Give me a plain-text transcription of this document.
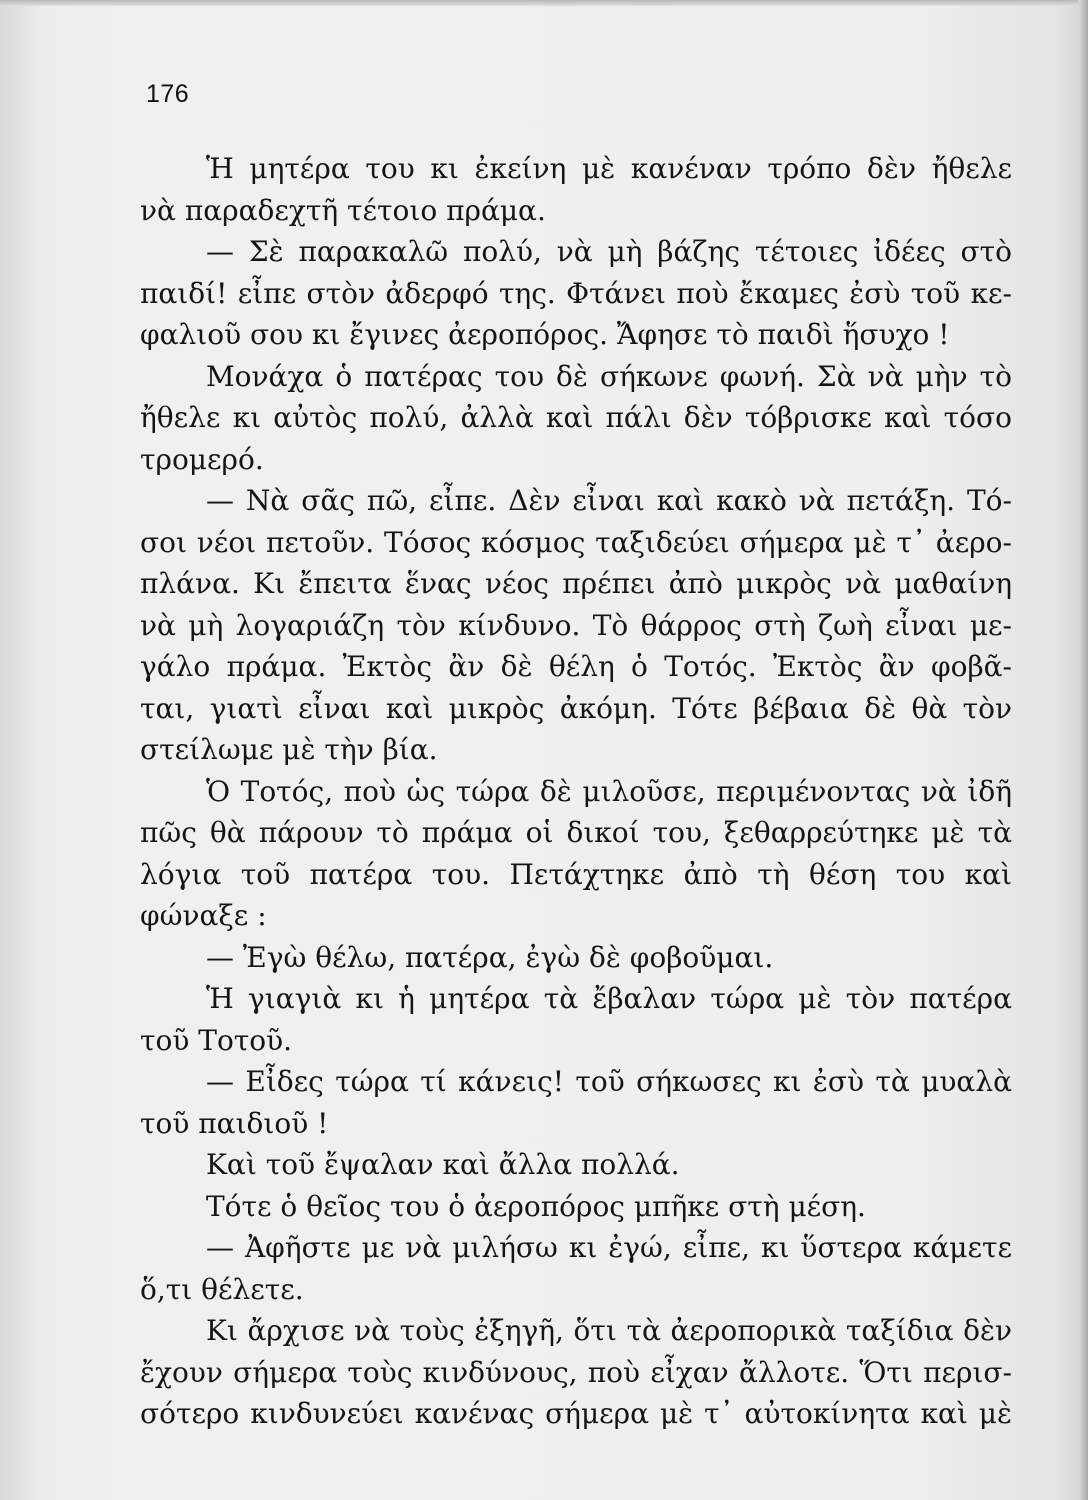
176
Ἡ μητέρα του κι ἐκείνη μὲ κανέναν τρόπο δὲν ἤθελε
νὰ παραδεχτῆ τέτοιο πράμα.
— Σὲ παρακαλῶ πολύ, νὰ μὴ βάζης τέτοιες ἰδέες στὸ
παιδί! εἶπε στὸν ἀδερφό της. Φτάνει ποὺ ἔκαμες ἐσὺ τοῦ κε-
φαλιοῦ σου κι ἔγινες ἀεροπόρος. Ἄφησε τὸ παιδὶ ἥσυχο !
Μονάχα ὁ πατέρας του δὲ σήκωνε φωνή. Σὰ νὰ μὴν τὸ
ἤθελε κι αὐτὸς πολύ, ἀλλὰ καὶ πάλι δὲν τόβρισκε καὶ τόσο
τρομερό.
— Νὰ σᾶς πῶ, εἶπε. Δὲν εἶναι καὶ κακὸ νὰ πετάξη. Τό-
σοι νέοι πετοῦν. Τόσος κόσμος ταξιδεύει σήμερα μὲ τ᾿ ἀερο-
πλάνα. Κι ἔπειτα ἕνας νέος πρέπει ἀπὸ μικρὸς νὰ μαθαίνη
νὰ μὴ λογαριάζη τὸν κίνδυνο. Τὸ θάρρος στὴ ζωὴ εἶναι με-
γάλο πράμα. Ἐκτὸς ἂν δὲ θέλη ὁ Τοτός. Ἐκτὸς ἂν φοβᾶ-
ται, γιατὶ εἶναι καὶ μικρὸς ἀκόμη. Τότε βέβαια δὲ θὰ τὸν
στείλωμε μὲ τὴν βία.
Ὁ Τοτός, ποὺ ὡς τώρα δὲ μιλοῦσε, περιμένοντας νὰ ἰδῆ
πῶς θὰ πάρουν τὸ πράμα οἱ δικοί του, ξεθαρρεύτηκε μὲ τὰ
λόγια τοῦ πατέρα του. Πετάχτηκε ἀπὸ τὴ θέση του καὶ
φώναξε :
— Ἐγὼ θέλω, πατέρα, ἐγὼ δὲ φοβοῦμαι.
Ἡ γιαγιὰ κι ἡ μητέρα τὰ ἔβαλαν τώρα μὲ τὸν πατέρα
τοῦ Τοτοῦ.
— Εἶδες τώρα τί κάνεις! τοῦ σήκωσες κι ἐσὺ τὰ μυαλὰ
τοῦ παιδιοῦ !
Καὶ τοῦ ἔψαλαν καὶ ἄλλα πολλά.
Τότε ὁ θεῖος του ὁ ἀεροπόρος μπῆκε στὴ μέση.
— Ἀφῆστε με νὰ μιλήσω κι ἐγώ, εἶπε, κι ὕστερα κάμετε
ὅ,τι θέλετε.
Κι ἄρχισε νὰ τοὺς ἐξηγῆ, ὅτι τὰ ἀεροπορικὰ ταξίδια δὲν
ἔχουν σήμερα τοὺς κινδύνους, ποὺ εἶχαν ἄλλοτε. Ὅτι περισ-
σότερο κινδυνεύει κανένας σήμερα μὲ τ᾿ αὐτοκίνητα καὶ μὲ
